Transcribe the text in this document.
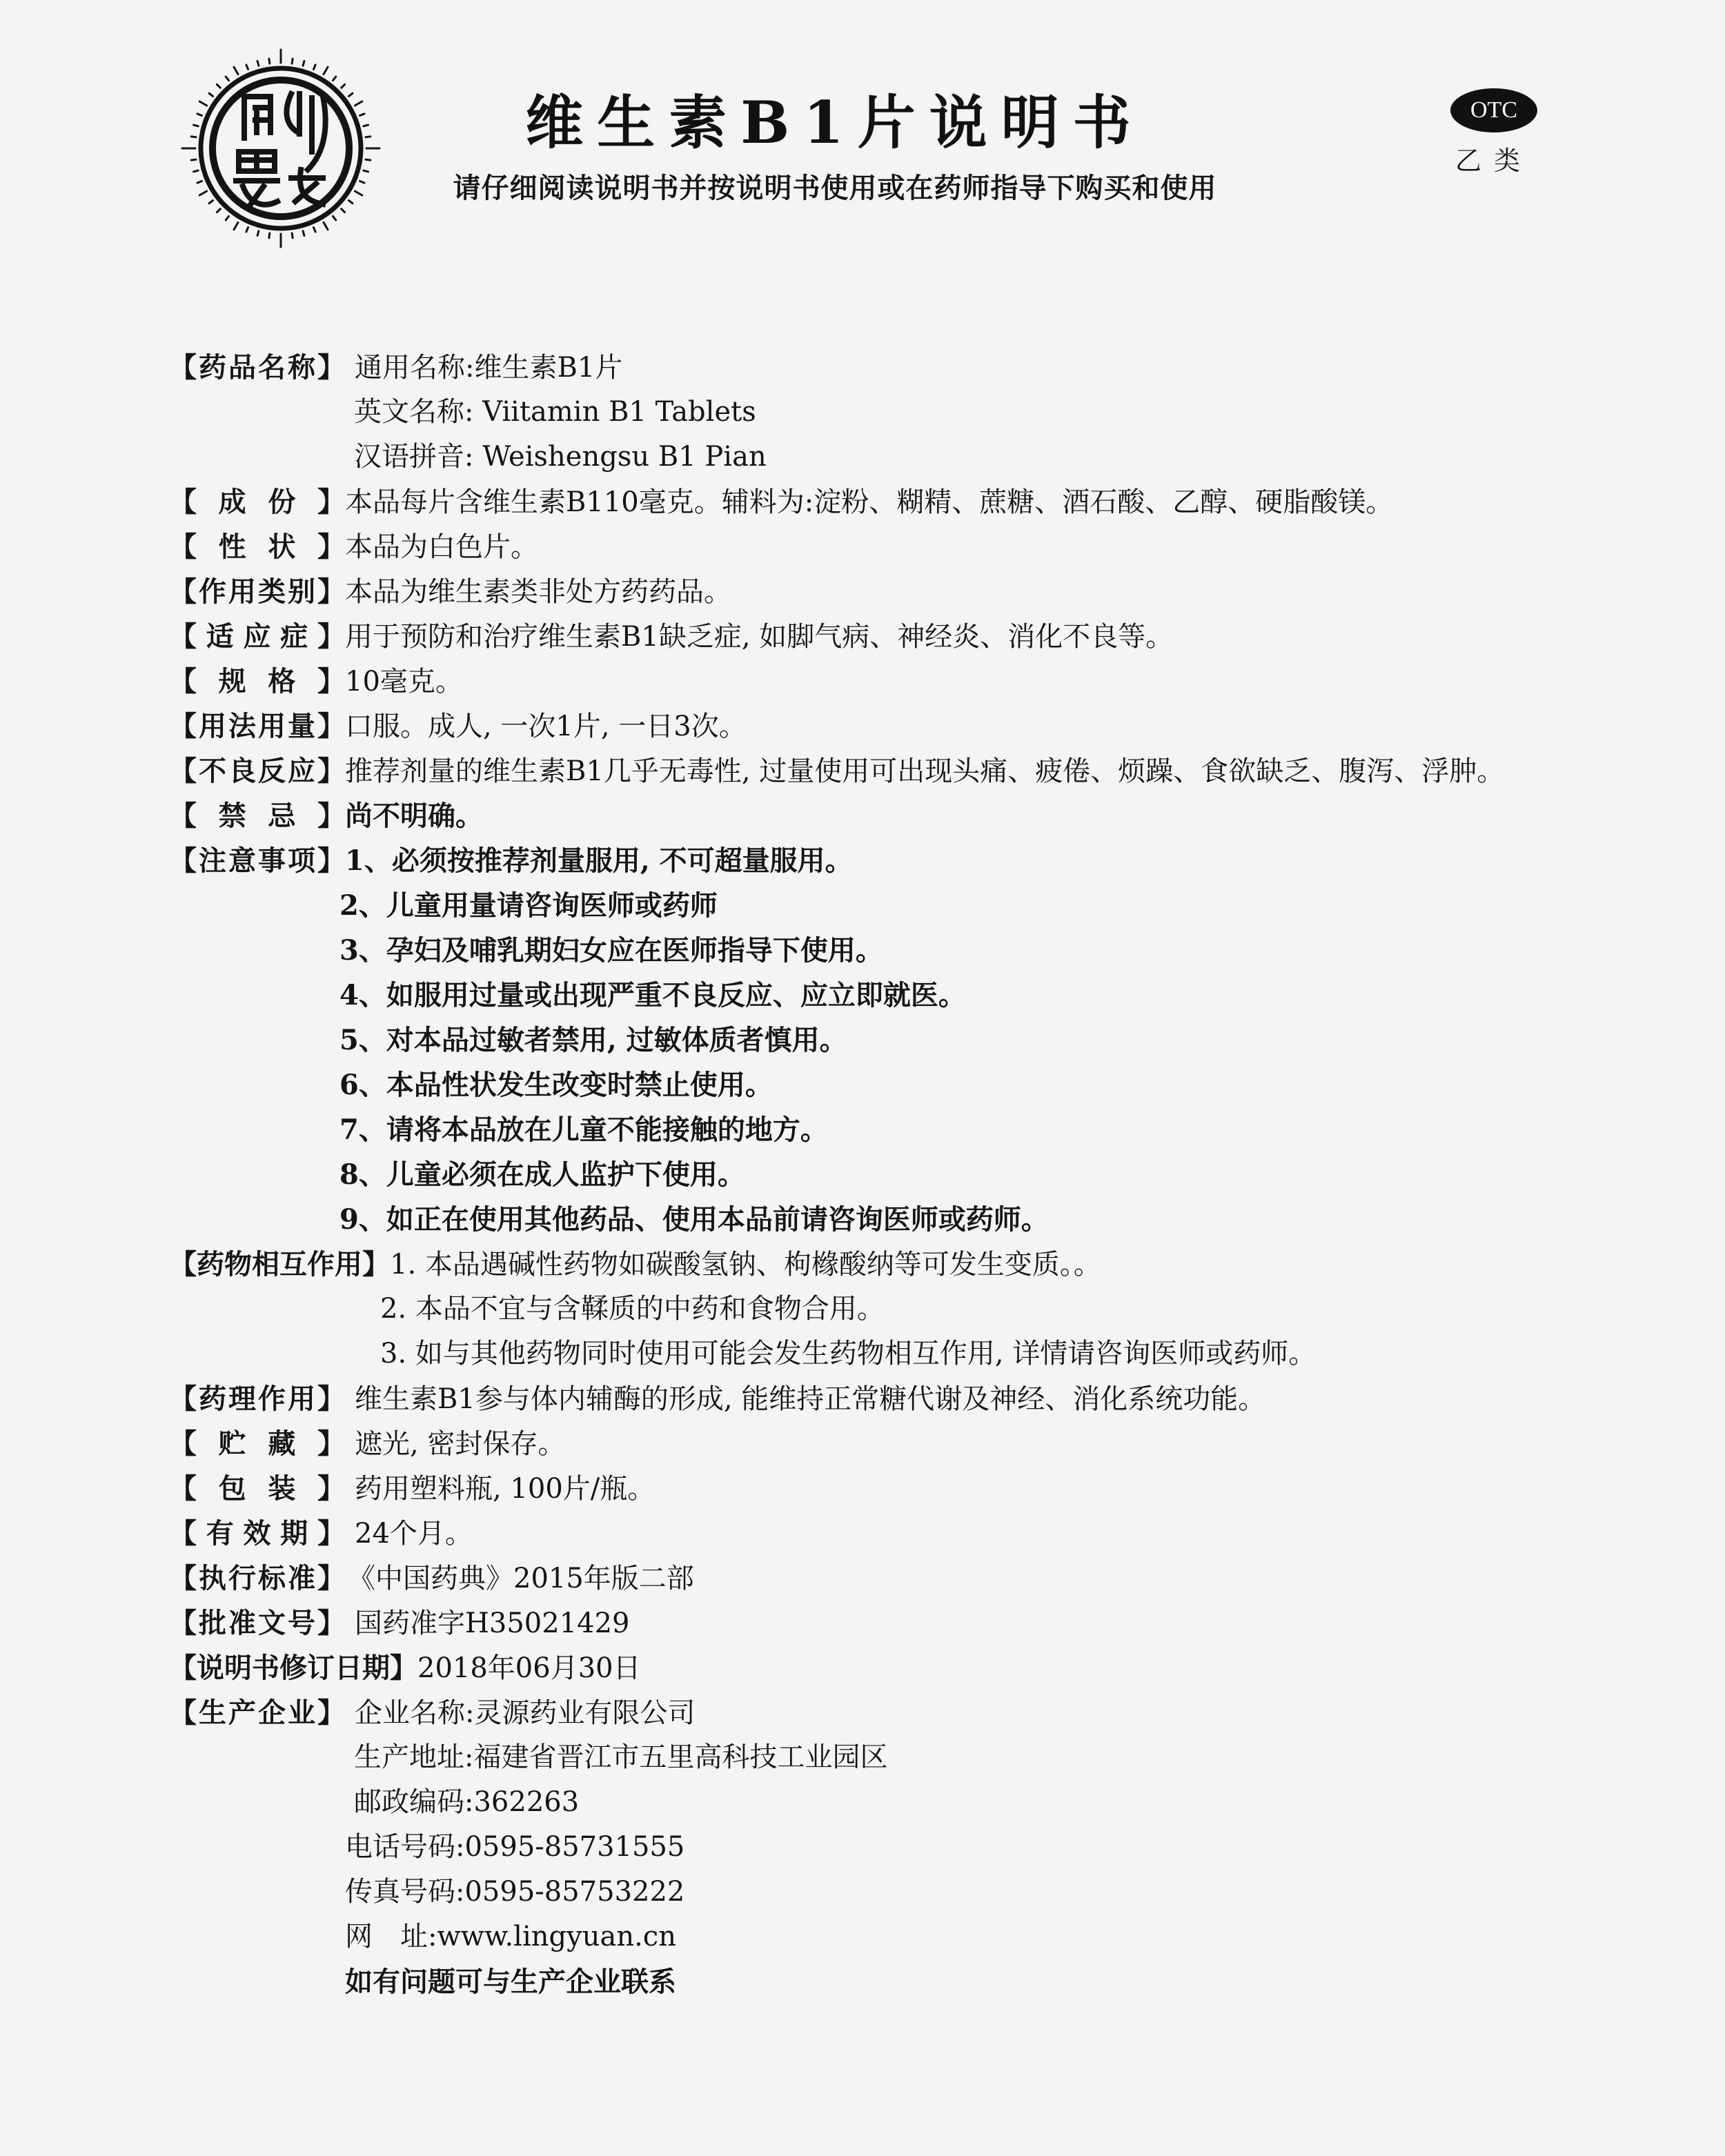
维生素B1片说明书
请仔细阅读说明书并按说明书使用或在药师指导下购买和使用
OTC
乙类
【药品名称】 通用名称:维生素B1片
英文名称: Viitamin B1 Tablets
汉语拼音: Weishengsu B1 Pian
【成份】本品每片含维生素B110毫克。辅料为:淀粉、糊精、蔗糖、酒石酸、乙醇、硬脂酸镁。
【性状】本品为白色片。
【作用类别】本品为维生素类非处方药药品。
【适应症】用于预防和治疗维生素B1缺乏症, 如脚气病、神经炎、消化不良等。
【规格】10毫克。
【用法用量】口服。成人, 一次1片, 一日3次。
【不良反应】推荐剂量的维生素B1几乎无毒性, 过量使用可出现头痛、疲倦、烦躁、食欲缺乏、腹泻、浮肿。
【禁忌】尚不明确。
【注意事项】1、必须按推荐剂量服用, 不可超量服用。
2、儿童用量请咨询医师或药师
3、孕妇及哺乳期妇女应在医师指导下使用。
4、如服用过量或出现严重不良反应、应立即就医。
5、对本品过敏者禁用, 过敏体质者慎用。
6、本品性状发生改变时禁止使用。
7、请将本品放在儿童不能接触的地方。
8、儿童必须在成人监护下使用。
9、如正在使用其他药品、使用本品前请咨询医师或药师。
【药物相互作用】1. 本品遇碱性药物如碳酸氢钠、枸橼酸纳等可发生变质。。
2. 本品不宜与含鞣质的中药和食物合用。
3. 如与其他药物同时使用可能会发生药物相互作用, 详情请咨询医师或药师。
【药理作用】 维生素B1参与体内辅酶的形成, 能维持正常糖代谢及神经、消化系统功能。
【贮藏】 遮光, 密封保存。
【包装】 药用塑料瓶, 100片/瓶。
【有效期】 24个月。
【执行标准】 《中国药典》2015年版二部
【批准文号】 国药准字H35021429
【说明书修订日期】2018年06月30日
【生产企业】 企业名称:灵源药业有限公司
生产地址:福建省晋江市五里高科技工业园区
邮政编码:362263
电话号码:0595-85731555
传真号码:0595-85753222
网　址:www.lingyuan.cn
如有问题可与生产企业联系
